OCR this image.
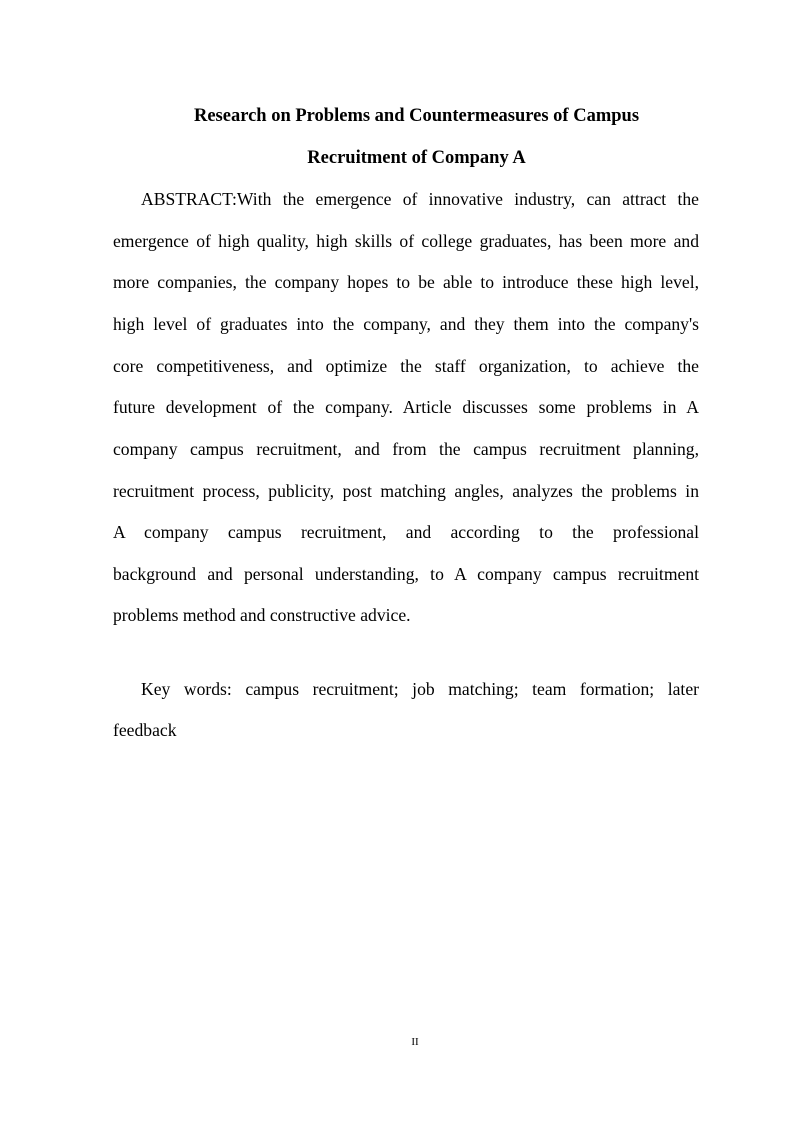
Research on Problems and Countermeasures of Campus
Recruitment of Company A
ABSTRACT:With the emergence of innovative industry, can attract the
emergence of high quality, high skills of college graduates, has been more and
more companies, the company hopes to be able to introduce these high level,
high level of graduates into the company, and they them into the company's
core competitiveness, and optimize the staff organization, to achieve the
future development of the company. Article discusses some problems in A
company campus recruitment, and from the campus recruitment planning,
recruitment process, publicity, post matching angles, analyzes the problems in
A company campus recruitment, and according to the professional
background and personal understanding, to A company campus recruitment
problems method and constructive advice.
Key words: campus recruitment; job matching; team formation; later
feedback
II
